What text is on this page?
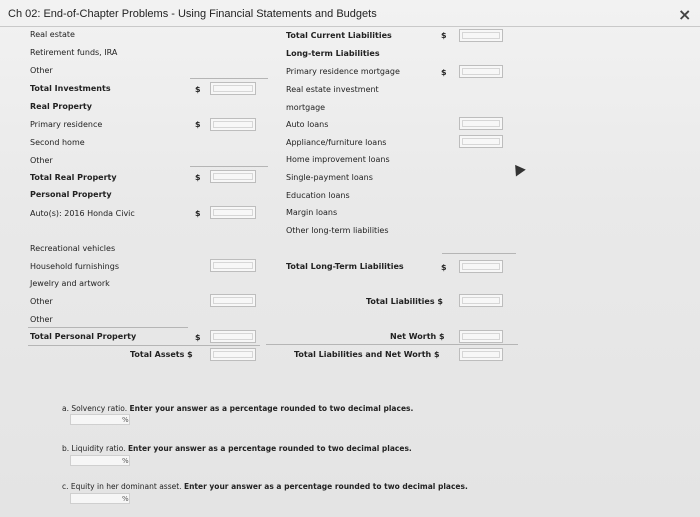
Ch 02: End-of-Chapter Problems - Using Financial Statements and Budgets	×
Real estate
Retirement funds, IRA
Other
Total Investments	$
Real Property
Primary residence	$
Second home
Other
Total Real Property	$
Personal Property
Auto(s): 2016 Honda Civic	$
Recreational vehicles
Household furnishings
Jewelry and artwork
Other
Other
Total Personal Property	$
Total Assets $
Total Current Liabilities	$
Long-term Liabilities
Primary residence mortgage	$
Real estate investment
mortgage
Auto loans
Appliance/furniture loans
Home improvement loans
Single-payment loans
Education loans
Margin loans
Other long-term liabilities
Total Long-Term Liabilities	$
Total Liabilities $
Net Worth $
Total Liabilities and Net Worth $
a. Solvency ratio. Enter your answer as a percentage rounded to two decimal places.
%
b. Liquidity ratio. Enter your answer as a percentage rounded to two decimal places.
%
c. Equity in her dominant asset. Enter your answer as a percentage rounded to two decimal places.
%
